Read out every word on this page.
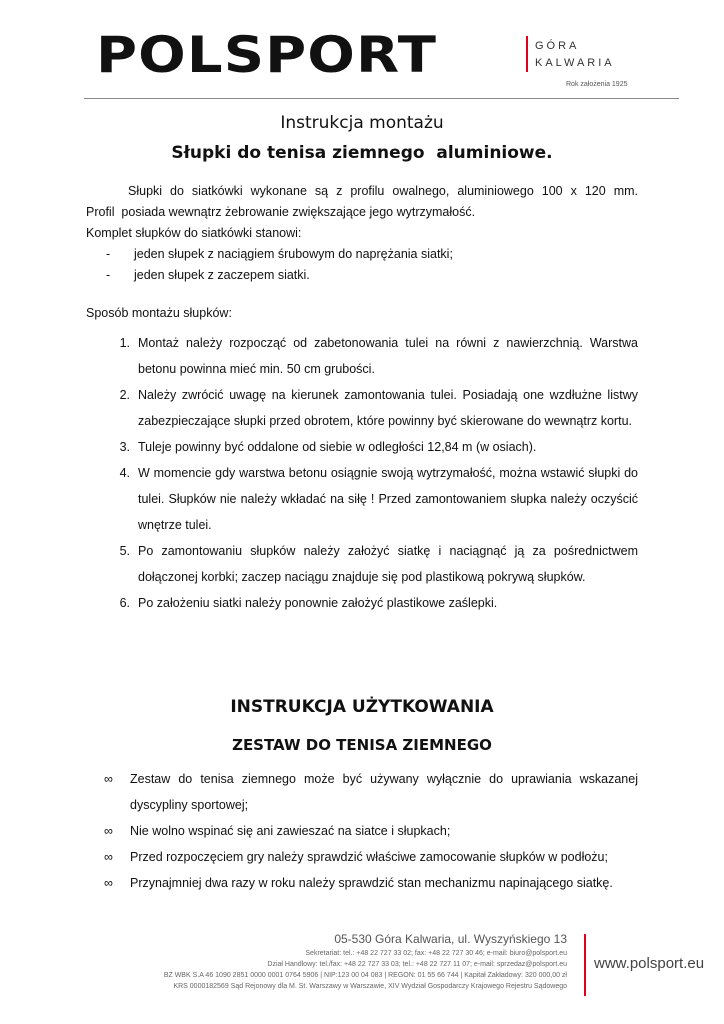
POLSPORT	GÓRA
KALWARIA
Rok założenia 1925
Instrukcja montażu
Słupki do tenisa ziemnego  aluminiowe.

Słupki do siatkówki wykonane są z profilu owalnego, aluminiowego 100 x 120 mm.

Profil  posiada wewnątrz żebrowanie zwiększające jego wytrzymałość.

Komplet słupków do siatkówki stanowi:

-	jeden słupek z naciągiem śrubowym do naprężania siatki;
-	jeden słupek z zaczepem siatki.
Sposób montażu słupków:
1. Montaż należy rozpocząć od zabetonowania tulei na równi z nawierzchnią. Warstwa betonu powinna mieć min. 50 cm grubości.
2. Należy zwrócić uwagę na kierunek zamontowania tulei. Posiadają one wzdłużne listwy zabezpieczające słupki przed obrotem, które powinny być skierowane do wewnątrz kortu.
3. Tuleje powinny być oddalone od siebie w odległości 12,84 m (w osiach).
4. W momencie gdy warstwa betonu osiągnie swoją wytrzymałość, można wstawić słupki do tulei. Słupków nie należy wkładać na siłę ! Przed zamontowaniem słupka należy oczyścić wnętrze tulei.
5. Po zamontowaniu słupków należy założyć siatkę i naciągnąć ją za pośrednictwem dołączonej korbki; zaczep naciągu znajduje się pod plastikową pokrywą słupków.
6. Po założeniu siatki należy ponownie założyć plastikowe zaślepki.
INSTRUKCJA UŻYTKOWANIA
ZESTAW DO TENISA ZIEMNEGO
∞	Zestaw do tenisa ziemnego może być używany wyłącznie do uprawiania wskazanej dyscypliny sportowej;
∞	Nie wolno wspinać się ani zawieszać na siatce i słupkach;
∞	Przed rozpoczęciem gry należy sprawdzić właściwe zamocowanie słupków w podłożu;
∞	Przynajmniej dwa razy w roku należy sprawdzić stan mechanizmu napinającego siatkę.
05-530 Góra Kalwaria, ul. Wyszyńskiego 13
Sekretariat: tel.: +48 22 727 33 02; fax: +48 22 727 30 46; e-mail: biuro@polsport.eu
Dział Handlowy: tel./fax: +48 22 727 33 03; tel.: +48 22 727 11 07; e-mail: sprzedaz@polsport.eu
BZ WBK S.A 46 1090 2851 0000 0001 0764 5906 | NIP:123 00 04 083 | REGON: 01 55 66 744 | Kapitał Zakładowy: 320 000,00 zł
KRS 0000182569 Sąd Rejonowy dla M. St. Warszawy w Warszawie, XIV Wydział Gospodarczy Krajowego Rejestru Sądowego
www.polsport.eu
